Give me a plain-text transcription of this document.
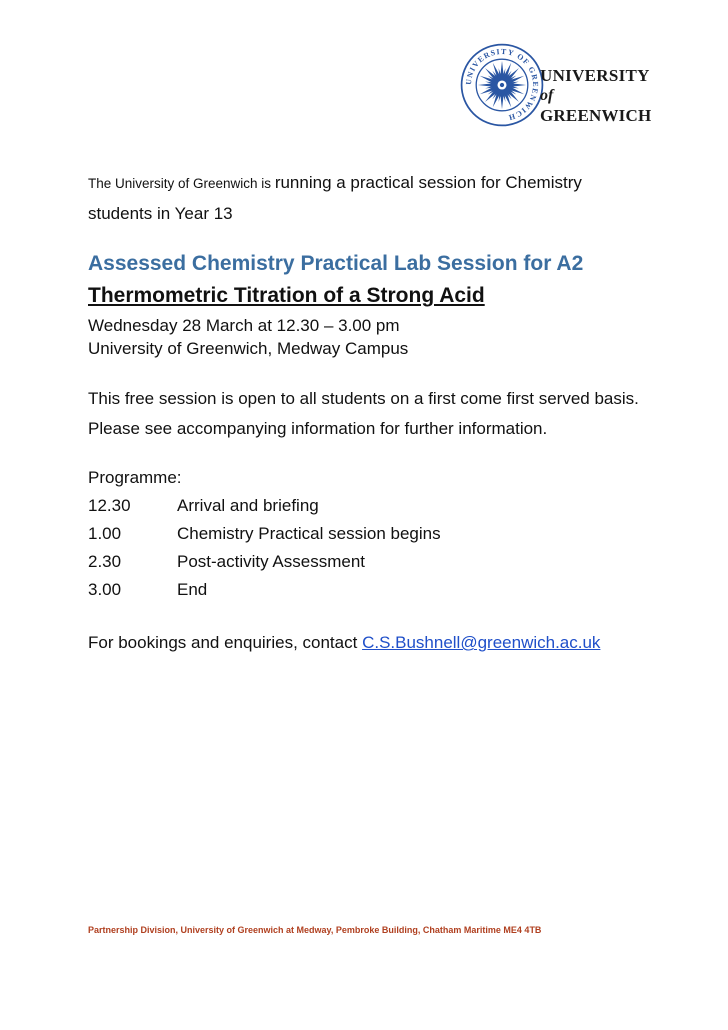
UNIVERSITY OF GREENWICH
UNIVERSITY
of
GREENWICH
The University of Greenwich is running a practical session for Chemistry students in Year 13
Assessed Chemistry Practical Lab Session for A2
Thermometric Titration of a Strong Acid
Wednesday 28 March at 12.30 – 3.00 pm
University of Greenwich, Medway Campus
This free session is open to all students on a first come first served basis. Please see accompanying information for further information.
Programme:
12.30	Arrival and briefing
1.00	Chemistry Practical session begins
2.30	Post-activity Assessment
3.00	End
For bookings and enquiries, contact C.S.Bushnell@greenwich.ac.uk
Partnership Division, University of Greenwich at Medway, Pembroke Building, Chatham Maritime ME4 4TB
